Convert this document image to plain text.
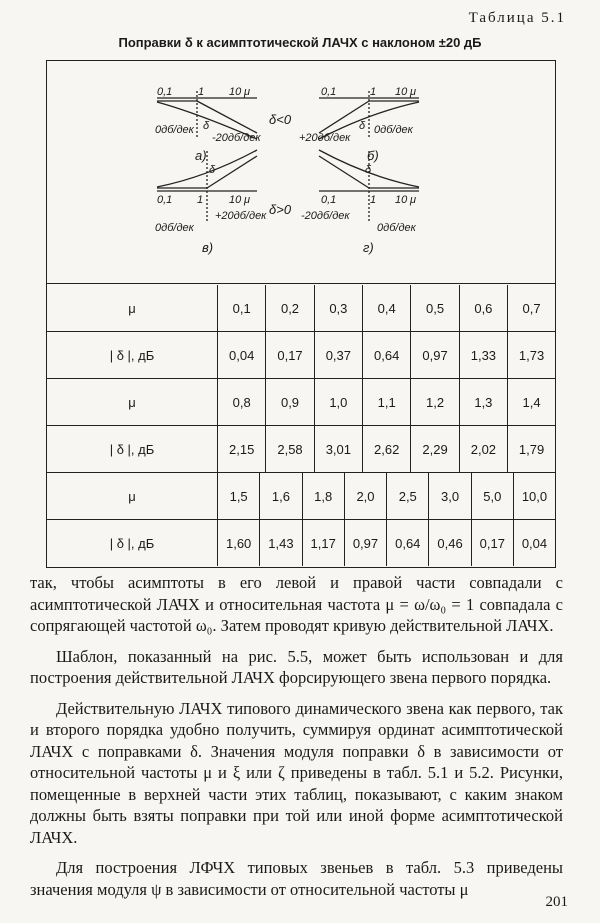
Таблица 5.1
Поправки δ к асимптотической ЛАЧХ с наклоном ±20 дБ
0,1 1 10 μ
0дб/дек
-20дб/дек
δ
а)
0,1	1 10 μ
+20дб/дек
0дб/дек
δ
б)
δ<0
δ>0
δ
0,1 1 10 μ
0дб/дек
+20дб/дек
в)
δ
0,1	1 10 μ
-20дб/дек
0дб/дек
г)
μ	0,1	0,2	0,3	0,4	0,5	0,6	0,7
| δ |, дБ	0,04	0,17	0,37	0,64	0,97	1,33	1,73
μ	0,8	0,9	1,0	1,1	1,2	1,3	1,4
| δ |, дБ	2,15	2,58	3,01	2,62	2,29	2,02	1,79
μ	1,5	1,6	1,8	2,0	2,5	3,0	5,0	10,0
| δ |, дБ	1,60	1,43	1,17	0,97	0,64	0,46	0,17	0,04

так, чтобы асимптоты в его левой и правой части совпадали с асимптотической ЛАЧХ и относительная частота μ = ω/ω₀ = 1 совпадала с сопрягающей частотой ω₀. Затем проводят кривую действительной ЛАЧХ.

Шаблон, показанный на рис. 5.5, может быть использован и для построения действительной ЛАЧХ форсирующего звена первого порядка.

Действительную ЛАЧХ типового динамического звена как первого, так и второго порядка удобно получить, суммируя ординат асимптотической ЛАЧХ с поправками δ. Значения модуля поправки δ в зависимости от относительной частоты μ и ξ или ζ приведены в табл. 5.1 и 5.2. Рисунки, помещенные в верхней части этих таблиц, показывают, с каким знаком должны быть взяты поправки при той или иной форме асимптотической ЛАЧХ.

Для построения ЛФЧХ типовых звеньев в табл. 5.3 приведены значения модуля ψ в зависимости от относительной частоты μ

201
